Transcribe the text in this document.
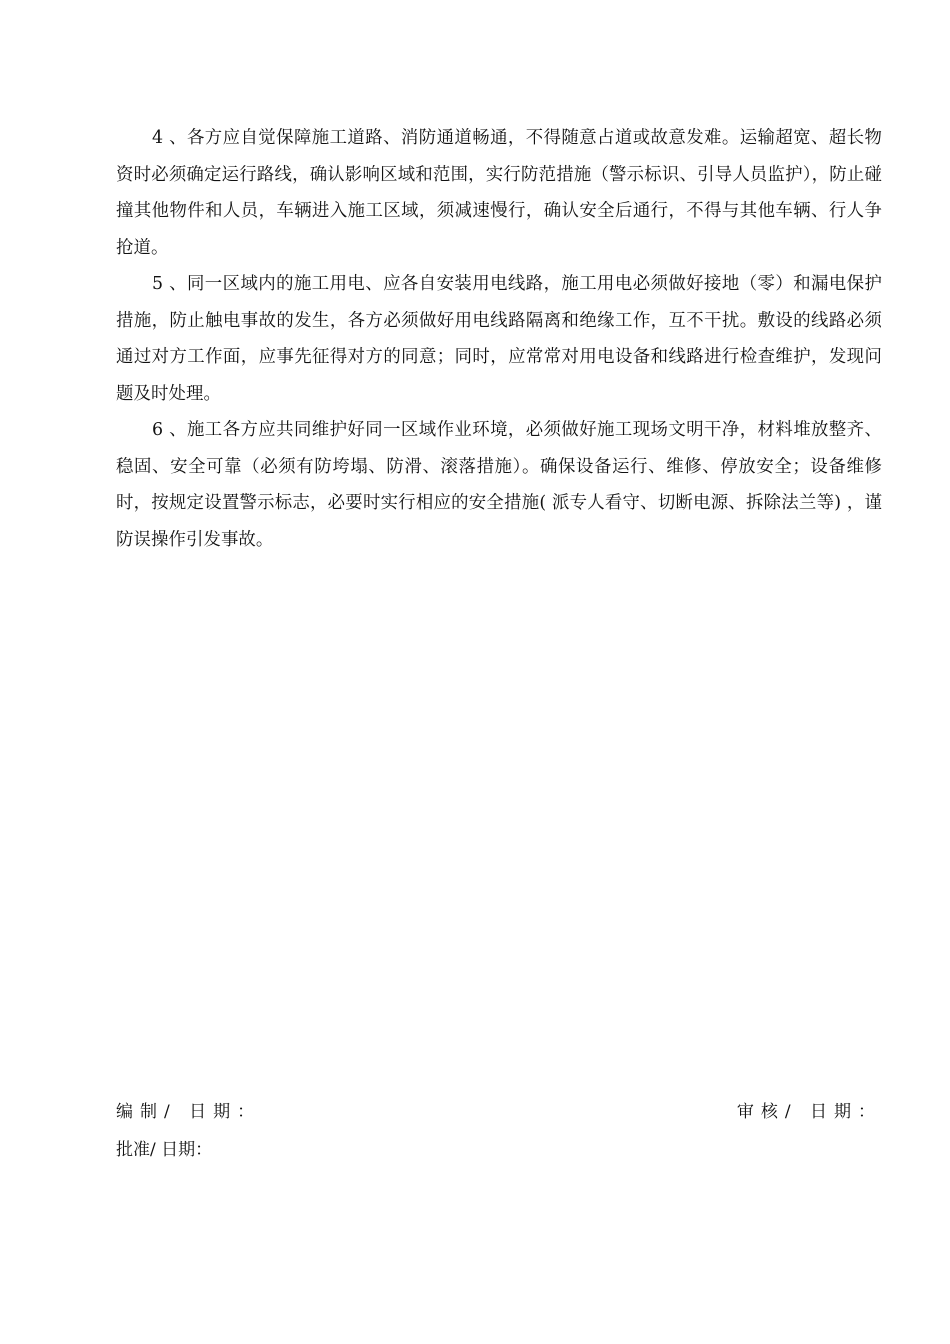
4 、各方应自觉保障施工道路、消防通道畅通，不得随意占道或故意发难。运输超宽、超长物资时必须确定运行路线，确认影响区域和范围，实行防范措施（警示标识、引导人员监护），防止碰撞其他物件和人员，车辆进入施工区域，须减速慢行，确认安全后通行，不得与其他车辆、行人争抢道。

5 、同一区域内的施工用电、应各自安装用电线路，施工用电必须做好接地（零）和漏电保护措施，防止触电事故的发生，各方必须做好用电线路隔离和绝缘工作，互不干扰。敷设的线路必须通过对方工作面，应事先征得对方的同意；同时，应常常对用电设备和线路进行检查维护，发现问题及时处理。

6 、施工各方应共同维护好同一区域作业环境，必须做好施工现场文明干净，材料堆放整齐、稳固、安全可靠（必须有防垮塌、防滑、滚落措施）。确保设备运行、维修、停放安全；设备维修时，按规定设置警示标志，必要时实行相应的安全措施( 派专人看守、切断电源、拆除法兰等) ，谨防误操作引发事故。

编制/ 日期：	审核/ 日期：
批准/ 日期：
